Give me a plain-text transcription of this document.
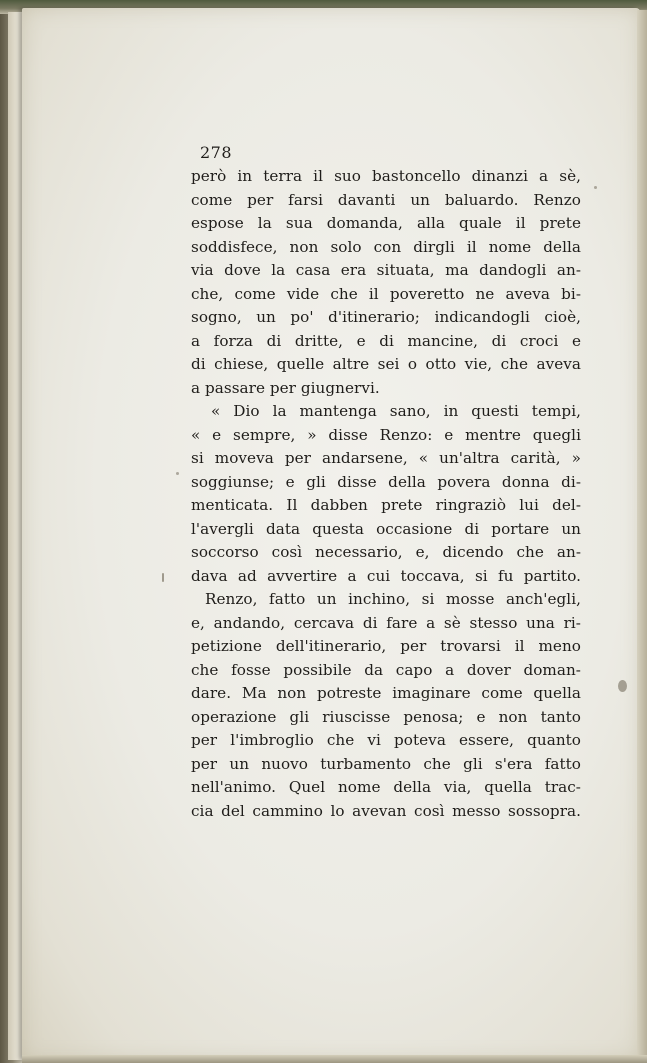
278
però in terra il suo bastoncello dinanzi a sè,
come per farsi davanti un baluardo. Renzo
espose la sua domanda, alla quale il prete
soddisfece, non solo con dirgli il nome della
via dove la casa era situata, ma dandogli an-
che, come vide che il poveretto ne aveva bi-
sogno, un po' d'itinerario; indicandogli cioè,
a forza di dritte, e di mancine, di croci e
di chiese, quelle altre sei o otto vie, che aveva
a passare per giugnervi.
« Dio la mantenga sano, in questi tempi,
« e sempre, » disse Renzo: e mentre quegli
si moveva per andarsene, « un'altra carità, »
soggiunse; e gli disse della povera donna di-
menticata. Il dabben prete ringraziò lui del-
l'avergli data questa occasione di portare un
soccorso così necessario, e, dicendo che an-
dava ad avvertire a cui toccava, si fu partito.
Renzo, fatto un inchino, si mosse anch'egli,
e, andando, cercava di fare a sè stesso una ri-
petizione dell'itinerario, per trovarsi il meno
che fosse possibile da capo a dover doman-
dare. Ma non potreste imaginare come quella
operazione gli riuscisse penosa; e non tanto
per l'imbroglio che vi poteva essere, quanto
per un nuovo turbamento che gli s'era fatto
nell'animo. Quel nome della via, quella trac-
cia del cammino lo avevan così messo sossopra.
